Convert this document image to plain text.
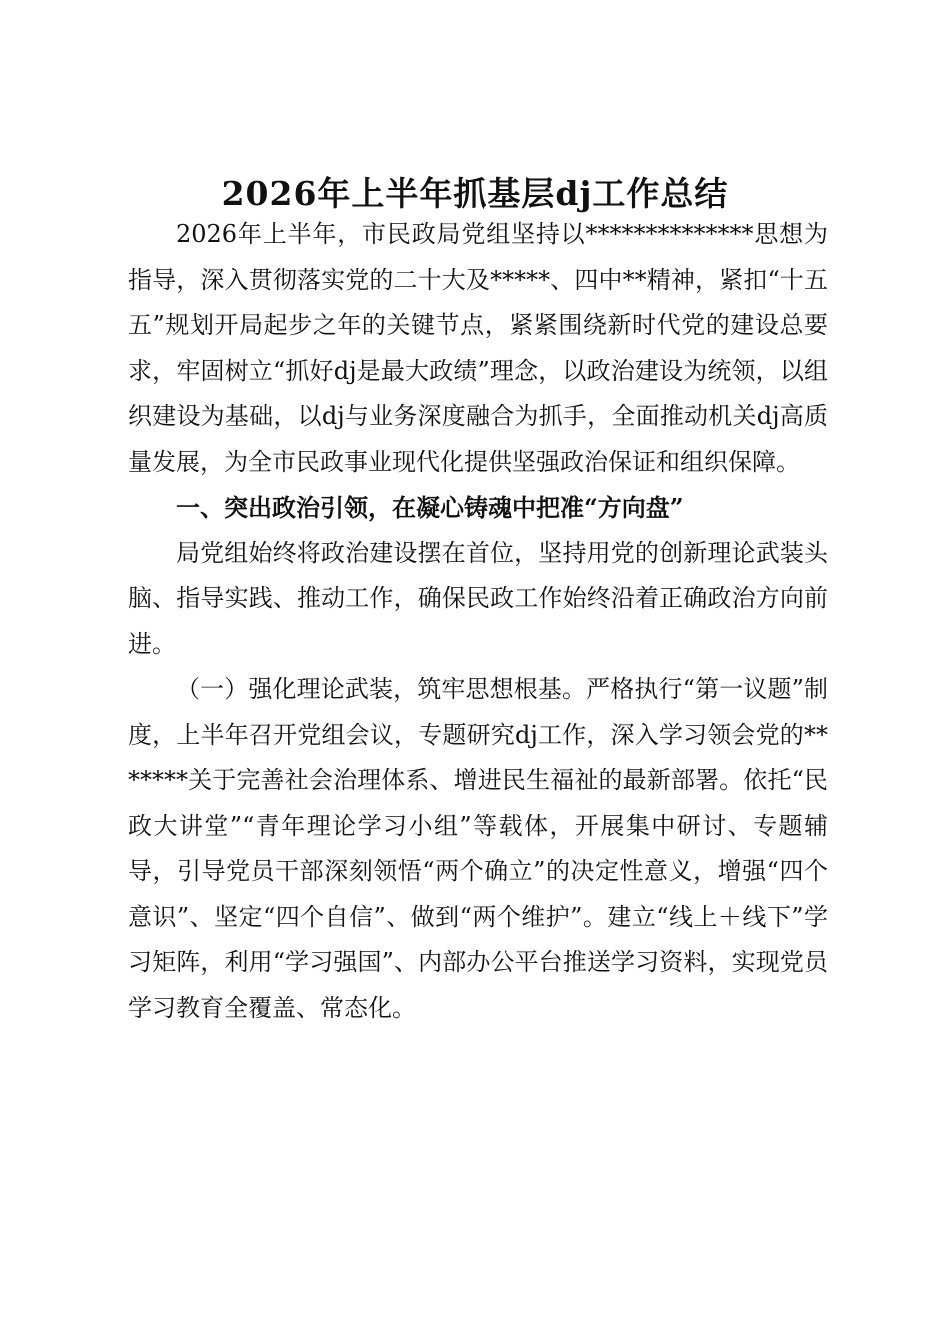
2026年上半年抓基层dj工作总结

2026年上半年，市民政局党组坚持以**************思想为指导，深入贯彻落实党的二十大及*****、四中**精神，紧扣“十五五”规划开局起步之年的关键节点，紧紧围绕新时代党的建设总要求，牢固树立“抓好dj是最大政绩”理念，以政治建设为统领，以组织建设为基础，以dj与业务深度融合为抓手，全面推动机关dj高质量发展，为全市民政事业现代化提供坚强政治保证和组织保障。

一、突出政治引领，在凝心铸魂中把准“方向盘”

局党组始终将政治建设摆在首位，坚持用党的创新理论武装头脑、指导实践、推动工作，确保民政工作始终沿着正确政治方向前进。

（一）强化理论武装，筑牢思想根基。严格执行“第一议题”制度，上半年召开党组会议，专题研究dj工作，深入学习领会党的*******关于完善社会治理体系、增进民生福祉的最新部署。依托“民政大讲堂”“青年理论学习小组”等载体，开展集中研讨、专题辅导，引导党员干部深刻领悟“两个确立”的决定性意义，增强“四个意识”、坚定“四个自信”、做到“两个维护”。建立“线上＋线下”学习矩阵，利用“学习强国”、内部办公平台推送学习资料，实现党员学习教育全覆盖、常态化。
